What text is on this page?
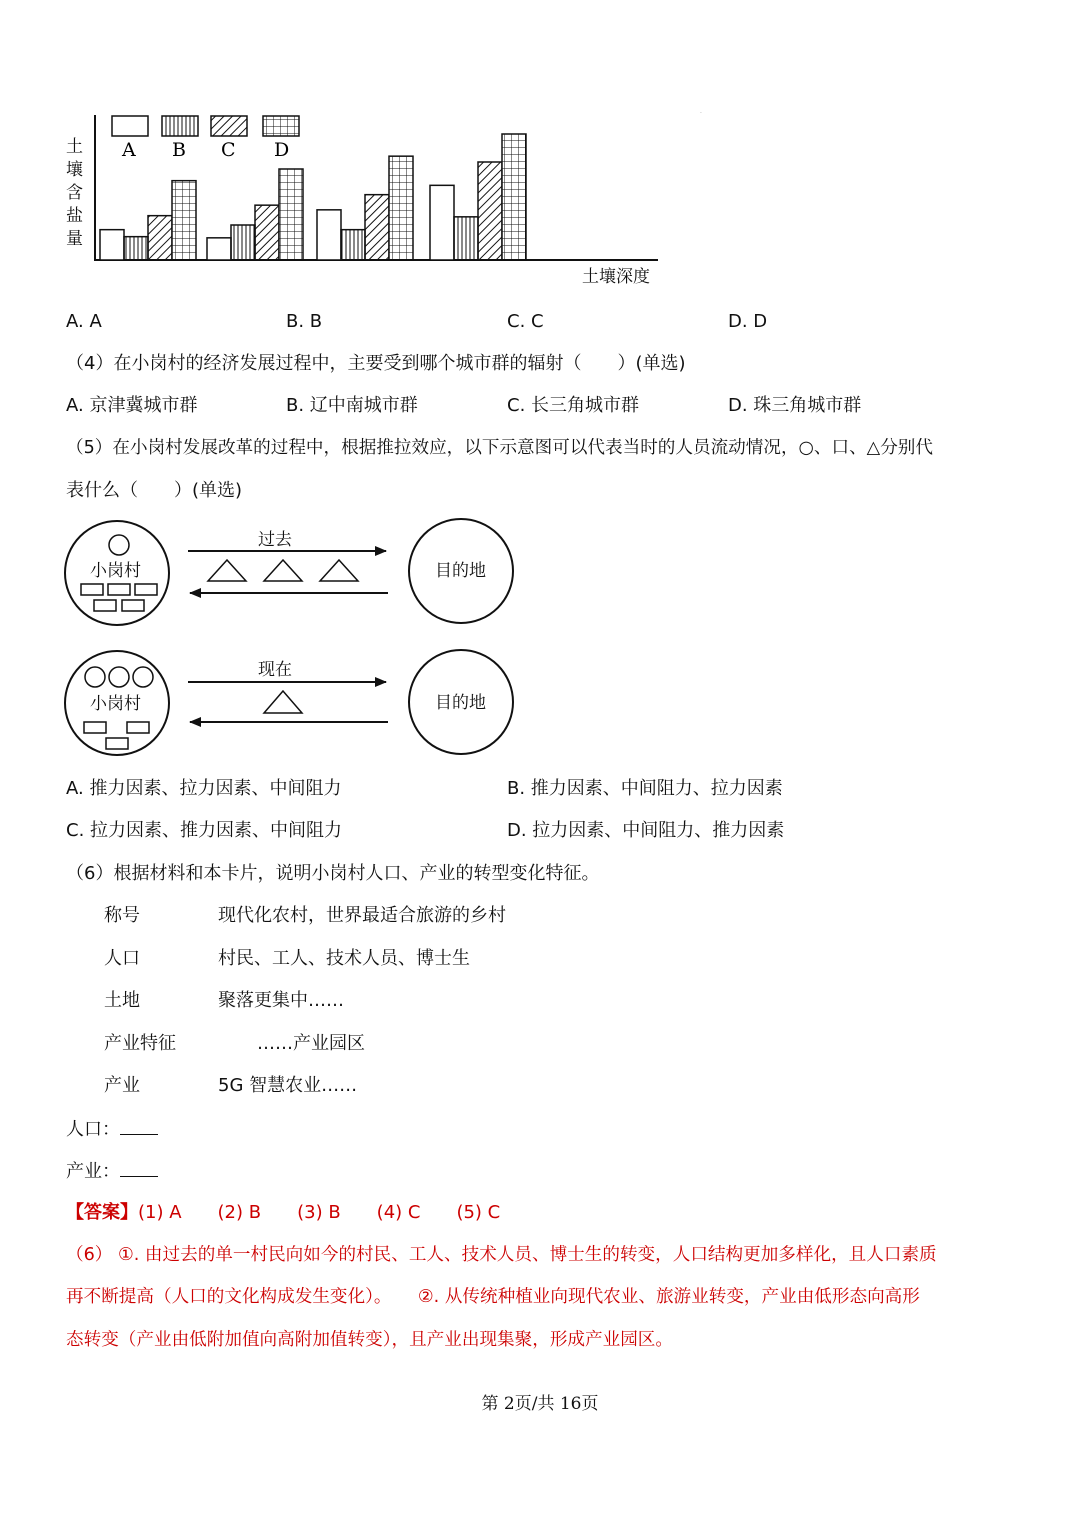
土
壤
含
盐
量
土壤深度
A B C D
·
A. A	B. B	C. C	D. D
（4）在小岗村的经济发展过程中，主要受到哪个城市群的辐射（　　）(单选)
A. 京津冀城市群	B. 辽中南城市群	C. 长三角城市群	D. 珠三角城市群
（5）在小岗村发展改革的过程中，根据推拉效应，以下示意图可以代表当时的人员流动情况，○、口、△分别代
表什么（　　）(单选)
小岗村
过去
目的地
小岗村
现在
目的地
A. 推力因素、拉力因素、中间阻力	B. 推力因素、中间阻力、拉力因素
C. 拉力因素、推力因素、中间阻力	D. 拉力因素、中间阻力、推力因素
（6）根据材料和本卡片，说明小岗村人口、产业的转型变化特征。
称号	现代化农村，世界最适合旅游的乡村
人口	村民、工人、技术人员、博士生
土地	聚落更集中……
产业特征	……产业园区
产业	5G 智慧农业……
人口：
产业：
【答案】(1) A　　(2) B　　(3) B　　(4) C　　(5) C
（6） ①. 由过去的单一村民向如今的村民、工人、技术人员、博士生的转变，人口结构更加多样化，且人口素质
再不断提高（人口的文化构成发生变化）。　　②. 从传统种植业向现代农业、旅游业转变，产业由低形态向高形
态转变（产业由低附加值向高附加值转变），且产业出现集聚，形成产业园区。
第 2页/共 16页
